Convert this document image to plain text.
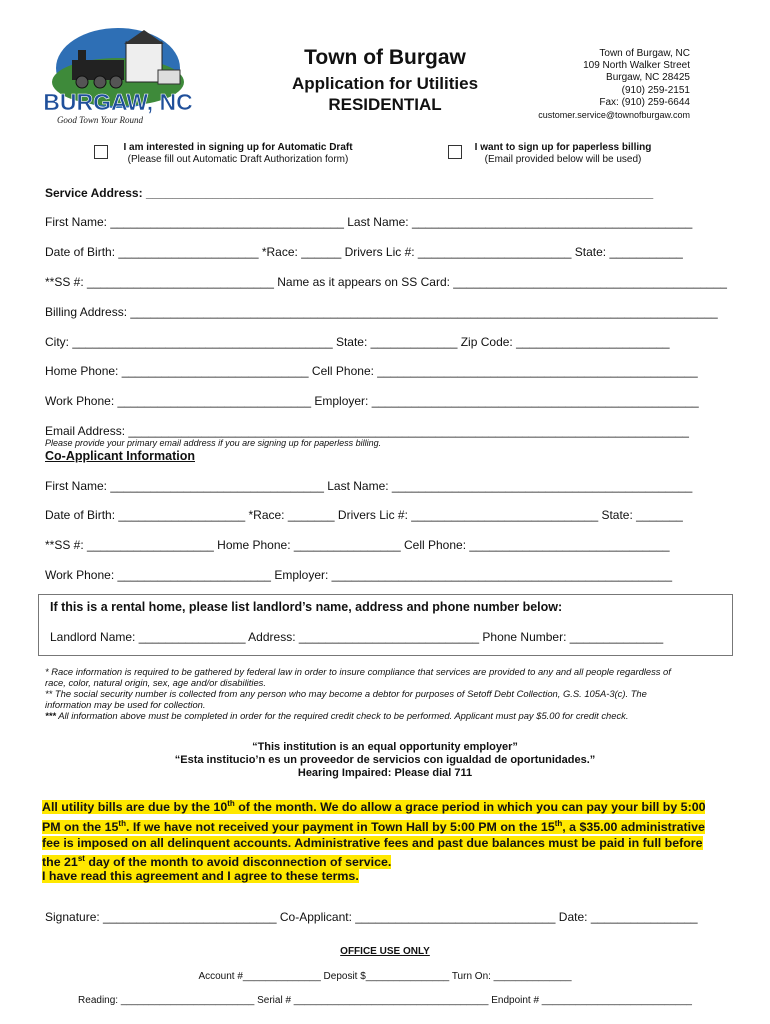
BURGAW, NC
Good Town Your Round
Town of Burgaw
Application for Utilities
RESIDENTIAL
Town of Burgaw, NC
109 North Walker Street
Burgaw, NC 28425
(910) 259-2151
Fax: (910) 259-6644
customer.service@townofburgaw.com
I am interested in signing up for Automatic Draft
(Please fill out Automatic Draft Authorization form)
I want to sign up for paperless billing
(Email provided below will be used)
Service Address: ____________________________________________________________________________
First Name: ___________________________________ Last Name: __________________________________________
Date of Birth: _____________________ *Race: ______ Drivers Lic #: _______________________ State: ___________
**SS #: ____________________________ Name as it appears on SS Card: _________________________________________
Billing Address: ________________________________________________________________________________________
City: _______________________________________ State: _____________ Zip Code: _______________________
Home Phone: ____________________________ Cell Phone: ________________________________________________
Work Phone: _____________________________ Employer: _________________________________________________
Email Address: ____________________________________________________________________________________
Please provide your primary email address if you are signing up for paperless billing.
Co-Applicant Information
First Name: ________________________________ Last Name: _____________________________________________
Date of Birth: ___________________ *Race: _______ Drivers Lic #: ____________________________ State: _______
**SS #: ___________________ Home Phone: ________________ Cell Phone: ______________________________
Work Phone: _______________________ Employer: ___________________________________________________
If this is a rental home, please list landlord’s name, address and phone number below:
Landlord Name: ________________ Address: ___________________________ Phone Number: ______________
* Race information is required to be gathered by federal law in order to insure compliance that services are provided to any and all people regardless of
race, color, natural origin, sex, age and/or disabilities.
** The social security number is collected from any person who may become a debtor for purposes of Setoff Debt Collection, G.S. 105A-3(c). The
information may be used for collection.
*** All information above must be completed in order for the required credit check to be performed. Applicant must pay $5.00 for credit check.
“This institution is an equal opportunity employer”
“Esta institucio’n es un proveedor de servicios con igualdad de oportunidades.”
Hearing Impaired: Please dial 711
All utility bills are due by the 10th of the month. We do allow a grace period in which you can pay your bill by 5:00
PM on the 15th. If we have not received your payment in Town Hall by 5:00 PM on the 15th, a $35.00 administrative
fee is imposed on all delinquent accounts. Administrative fees and past due balances must be paid in full before
the 21st day of the month to avoid disconnection of service.
I have read this agreement and I agree to these terms.
Signature: __________________________ Co-Applicant: ______________________________ Date: ________________
OFFICE USE ONLY
Account #______________ Deposit $_______________ Turn On: ______________
Reading: ________________________ Serial # ___________________________________ Endpoint # ___________________________
